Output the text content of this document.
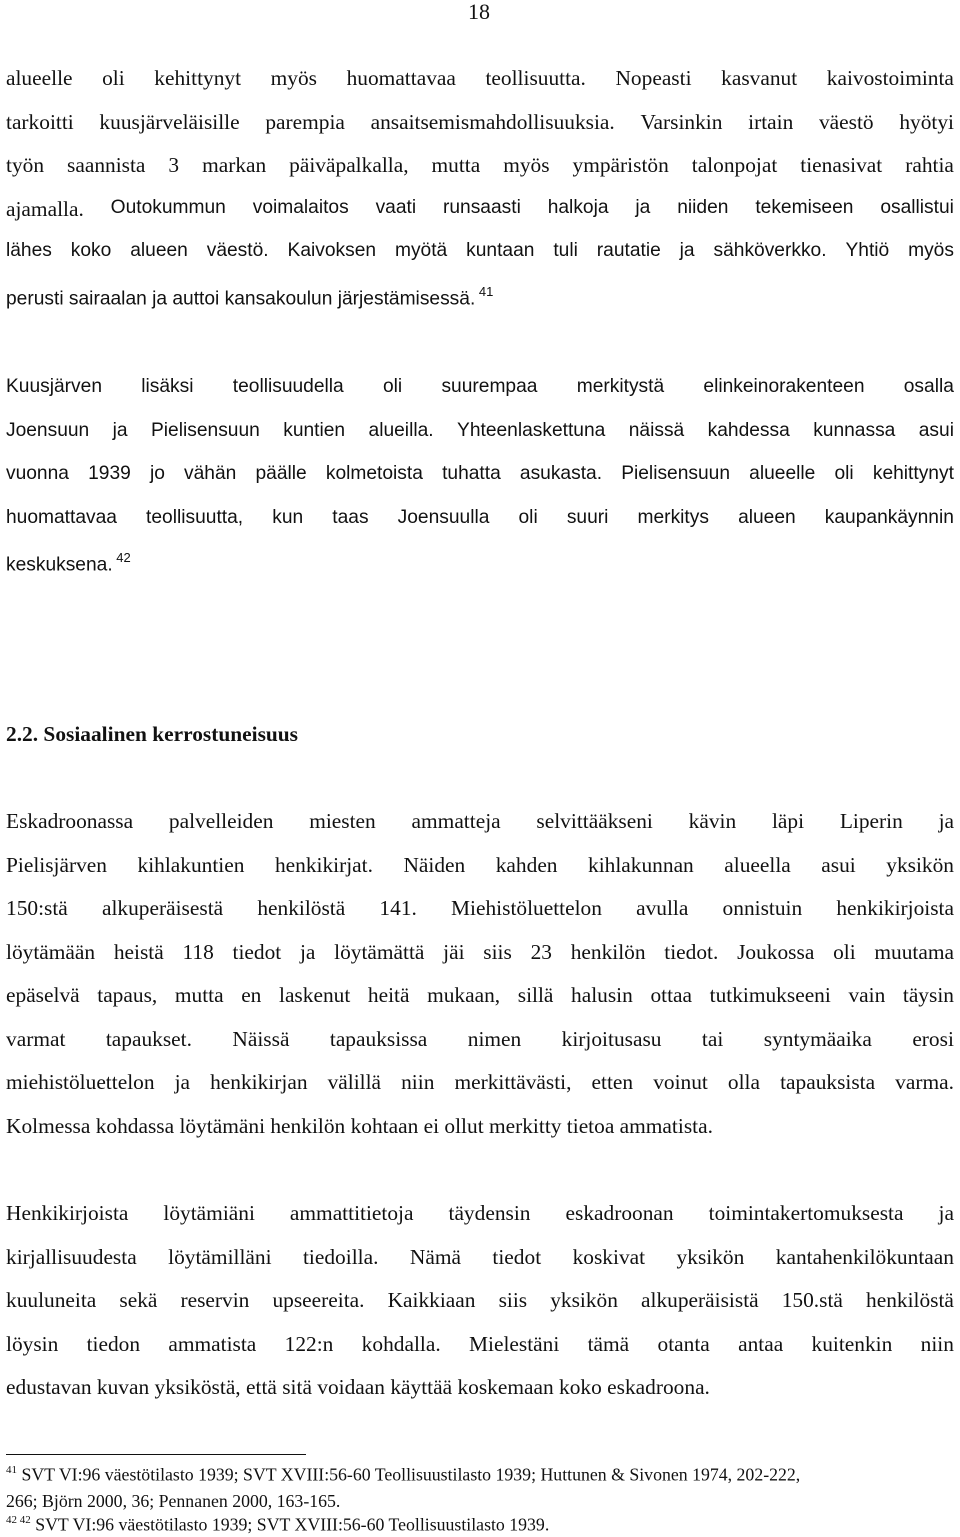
18
alueelle oli kehittynyt myös huomattavaa teollisuutta. Nopeasti kasvanut kaivostoiminta
tarkoitti kuusjärveläisille parempia ansaitsemismahdollisuuksia. Varsinkin irtain väestö hyötyi
työn saannista 3 markan päiväpalkalla, mutta myös ympäristön talonpojat tienasivat rahtia
ajamalla. Outokummun voimalaitos vaati runsaasti halkoja ja niiden tekemiseen osallistui
lähes koko alueen väestö. Kaivoksen myötä kuntaan tuli rautatie ja sähköverkko. Yhtiö myös
perusti sairaalan ja auttoi kansakoulun järjestämisessä. $^{41}$
Kuusjärven lisäksi teollisuudella oli suurempaa merkitystä elinkeinorakenteen osalla
Joensuun ja Pielisensuun kuntien alueilla. Yhteenlaskettuna näissä kahdessa kunnassa asui
vuonna 1939 jo vähän päälle kolmetoista tuhatta asukasta. Pielisensuun alueelle oli kehittynyt
huomattavaa teollisuutta, kun taas Joensuulla oli suuri merkitys alueen kaupankäynnin
keskuksena. $^{42}$
Eskadroonassa palvelleiden miesten ammatteja selvittääkseni kävin läpi Liperin ja
Pielisjärven kihlakuntien henkikirjat. Näiden kahden kihlakunnan alueella asui yksikön
150:stä alkuperäisestä henkilöstä 141. Miehistöluettelon avulla onnistuin henkikirjoista
löytämään heistä 118 tiedot ja löytämättä jäi siis 23 henkilön tiedot. Joukossa oli muutama
epäselvä tapaus, mutta en laskenut heitä mukaan, sillä halusin ottaa tutkimukseeni vain täysin
varmat tapaukset. Näissä tapauksissa nimen kirjoitusasu tai syntymäaika erosi
miehistöluettelon ja henkikirjan välillä niin merkittävästi, etten voinut olla tapauksista varma.
Kolmessa kohdassa löytämäni henkilön kohtaan ei ollut merkitty tietoa ammatista.
Henkikirjoista löytämiäni ammattitietoja täydensin eskadroonan toimintakertomuksesta ja
kirjallisuudesta löytämilläni tiedoilla. Nämä tiedot koskivat yksikön kantahenkilökuntaan
kuuluneita sekä reservin upseereita. Kaikkiaan siis yksikön alkuperäisistä 150.stä henkilöstä
löysin tiedon ammatista 122:n kohdalla. Mielestäni tämä otanta antaa kuitenkin niin
edustavan kuvan yksiköstä, että sitä voidaan käyttää koskemaan koko eskadroona.
2.2. Sosiaalinen kerrostuneisuus
$^{41}$ SVT VI:96 väestötilasto 1939; SVT XVIII:56-60 Teollisuustilasto 1939; Huttunen & Sivonen 1974, 202-222,
266; Björn 2000, 36; Pennanen 2000, 163-165.
$^{42}$ $^{42}$ SVT VI:96 väestötilasto 1939; SVT XVIII:56-60 Teollisuustilasto 1939.
